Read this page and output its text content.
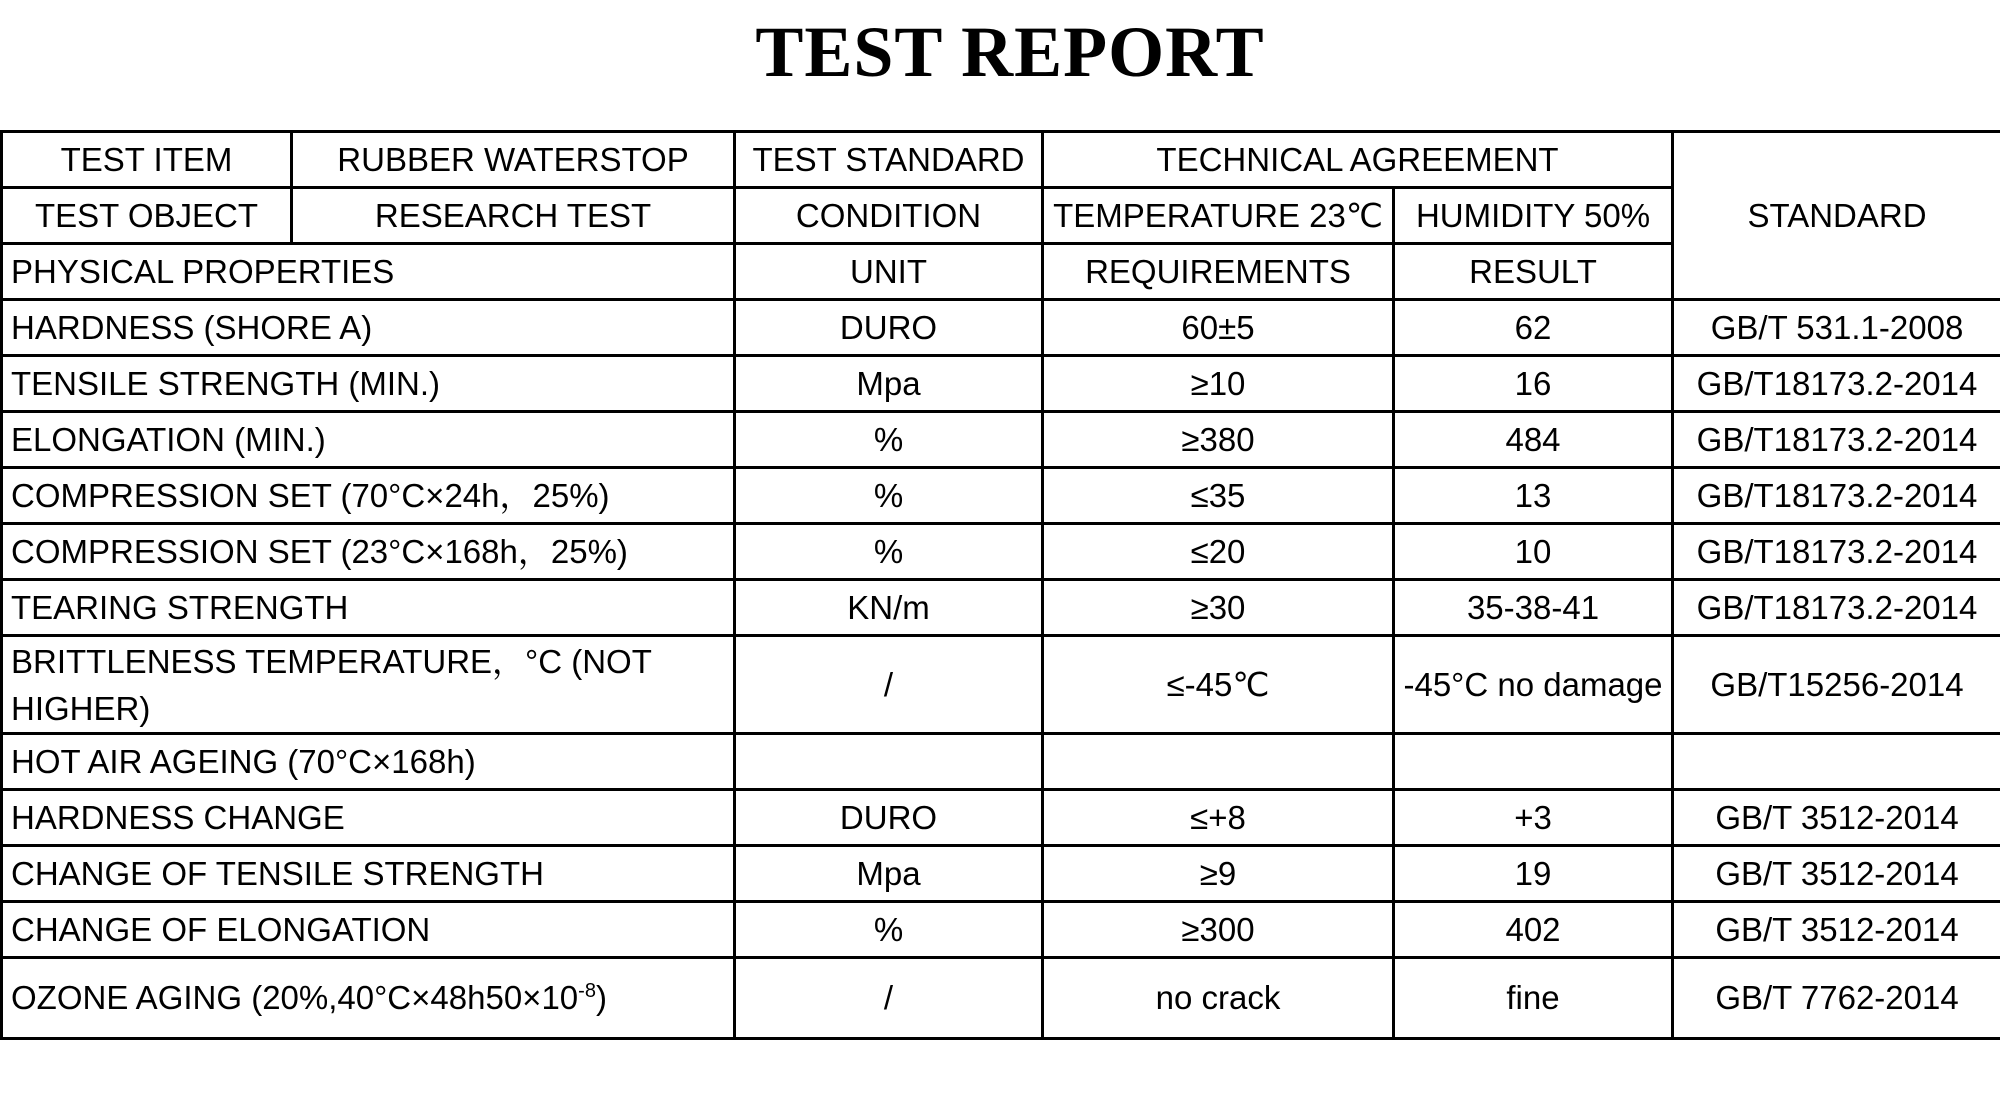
TEST REPORT
TEST ITEM	RUBBER WATERSTOP	TEST STANDARD	TECHNICAL AGREEMENT		STANDARD
TEST OBJECT	RESEARCH TEST	CONDITION	TEMPERATURE 23℃	HUMIDITY 50%	
PHYSICAL PROPERTIES		UNIT	REQUIREMENTS	RESULT	
HARDNESS (SHORE A)		DURO	60±5	62	GB/T 531.1-2008
TENSILE STRENGTH (MIN.)		Mpa	≥10	16	GB/T18173.2-2014
ELONGATION (MIN.)		%	≥380	484	GB/T18173.2-2014
COMPRESSION SET (70°C×24h，25%)		%	≤35	13	GB/T18173.2-2014
COMPRESSION SET (23°C×168h，25%)		%	≤20	10	GB/T18173.2-2014
TEARING STRENGTH		KN/m	≥30	35-38-41	GB/T18173.2-2014
BRITTLENESS TEMPERATURE，°C (NOT HIGHER)		/	≤-45℃	-45°C no damage	GB/T15256-2014
HOT AIR AGEING (70°C×168h)					
HARDNESS CHANGE		DURO	≤+8	+3	GB/T 3512-2014
CHANGE OF TENSILE STRENGTH		Mpa	≥9	19	GB/T 3512-2014
CHANGE OF ELONGATION		%	≥300	402	GB/T 3512-2014
OZONE AGING $(20\%,40^\circ C\times 48h50\times 10^{-8})$		/	no crack	fine	GB/T 7762-2014
